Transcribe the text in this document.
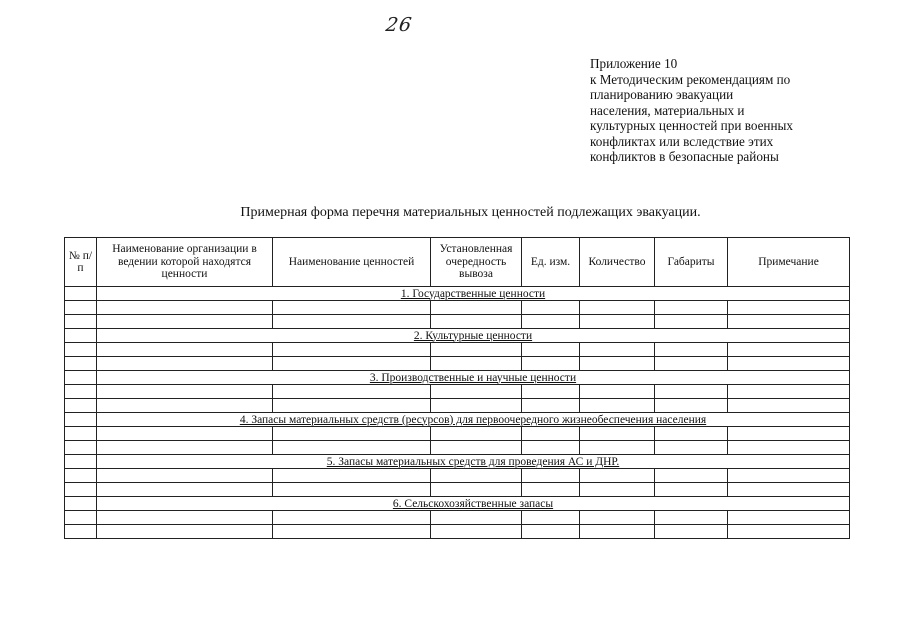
26
Приложение 10
к Методическим рекомендациям по
планированию эвакуации
населения, материальных и
культурных ценностей при военных
конфликтах или вследствие этих
конфликтов в безопасные районы
Примерная форма перечня материальных ценностей подлежащих эвакуации.
№ п/п	Наименование организации в ведении которой находятся ценности	Наименование ценностей	Установленная очередность вывоза	Ед. изм.	Количество	Габариты	Примечание
	1. Государственные ценности						

	2. Культурные ценности						

	3. Производственные и научные ценности						

	4. Запасы материальных средств (ресурсов) для первоочередного жизнеобеспечения населения						

	5. Запасы материальных средств для проведения АС и ДНР.						

	6. Сельскохозяйственные запасы						
